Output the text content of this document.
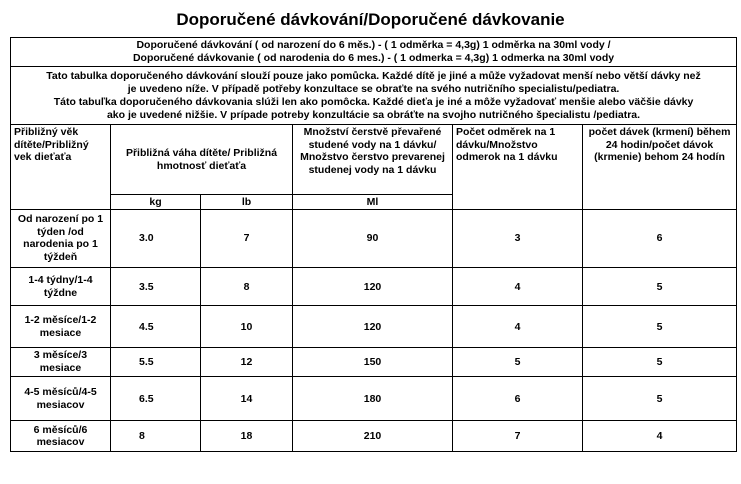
Doporučené dávkování/Doporučené dávkovanie
Doporučené dávkování ( od narození do 6 měs.) - ( 1 odměrka = 4,3g) 1 odměrka na 30ml vody /
Doporučené dávkovanie ( od narodenia do 6 mes.) - ( 1 odmerka = 4,3g) 1 odmerka na 30ml vody					

Tato tabulka doporučeného dávkování slouží pouze jako pomůcka. Každé dítě je jiné a může vyžadovat menší nebo větší dávky než
je uvedeno níže. V případě potřeby konzultace se obraťte na svého nutričního specialistu/pediatra.
Táto tabuľka doporučeného dávkovania slúži len ako pomôcka. Každé dieťa je iné a môže vyžadovať menšie alebo väčšie dávky
ako je uvedené nižšie. V prípade potreby konzultácie sa obráťte na svojho nutričného špecialistu /pediatra.					

Přibližný věk dítěte/Približný vek dieťaťa	Přibližná váha dítěte/ Približná hmotnosť dieťaťa		Množství čerstvě převařené studené vody na 1 dávku/ Množstvo čerstvo prevarenej studenej vody na 1 dávku	Počet odměrek na 1 dávku/Množstvo odmerok na 1 dávku	počet dávek (krmení) během 24 hodin/počet dávok (krmenie) behom 24 hodín
	kg	lb	Ml		
Od narození po 1 týden /od narodenia po 1 týždeň	3.0	7	90	3	6
1-4 týdny/1-4 týždne	3.5	8	120	4	5
1-2 měsíce/1-2 mesiace	4.5	10	120	4	5
3 měsíce/3 mesiace	5.5	12	150	5	5
4-5 měsíců/4-5 mesiacov	6.5	14	180	6	5
6 měsíců/6 mesiacov	8	18	210	7	4
